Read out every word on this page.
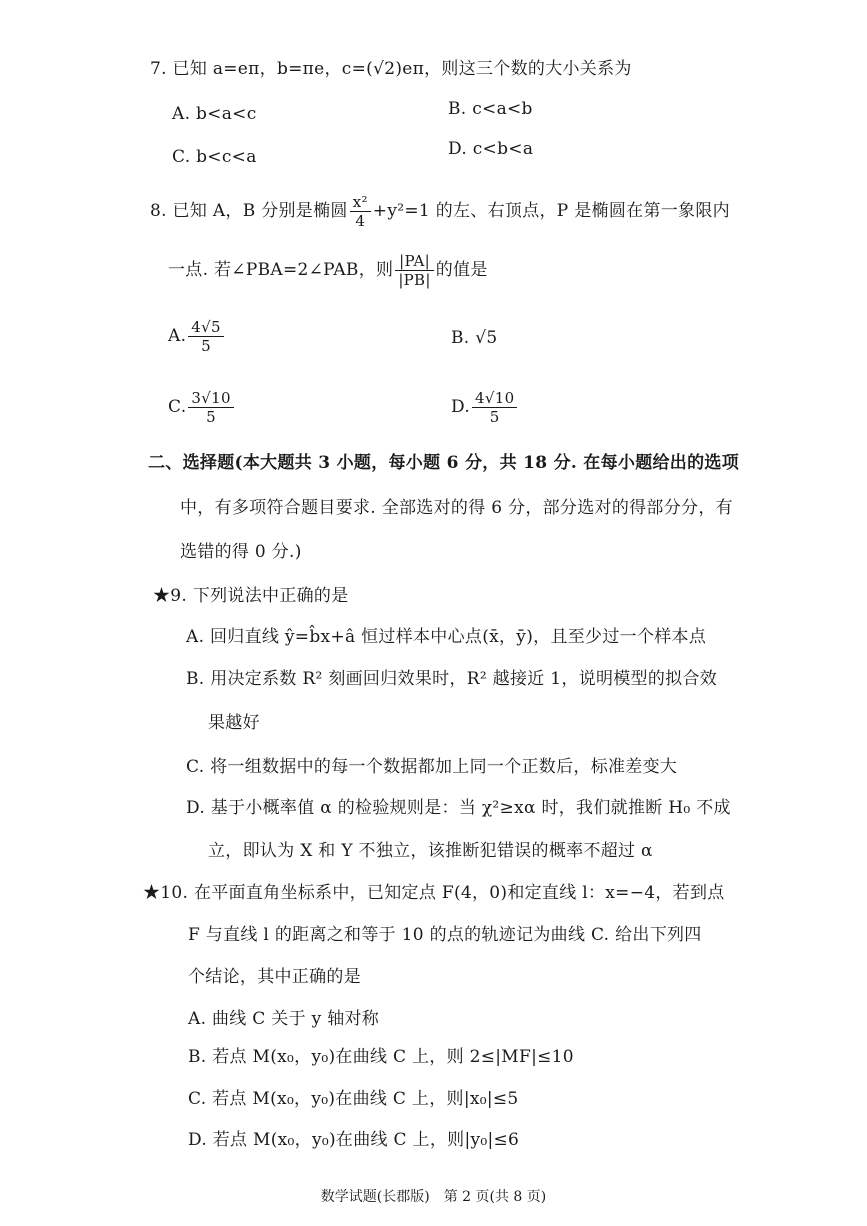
7. 已知 a=eπ，b=πe，c=(√2)eπ，则这三个数的大小关系为
A. b<a<c	B. c<a<b
C. b<c<a	D. c<b<a
8. 已知 A，B 分别是椭圆 $\frac{\text{x²}}{4} +y^2=1$ 的左、右顶点，P 是椭圆在第一象限内
一点. 若∠PBA=2∠PAB，则 $\frac{|PA|}{|PB|}$ 的值是
A. $\frac{4√5}{5}$	B. √5
C. $\frac{3√10}{5}$	D. $\frac{4√10}{5}$
二、选择题(本大题共 3 小题，每小题 6 分，共 18 分. 在每小题给出的选项
中，有多项符合题目要求. 全部选对的得 6 分，部分选对的得部分分，有
选错的得 0 分.)
★9. 下列说法中正确的是
A. 回归直线 ŷ=b̂x+â 恒过样本中心点(x̄，ȳ)，且至少过一个样本点
B. 用决定系数 R² 刻画回归效果时，R² 越接近 1，说明模型的拟合效
果越好
C. 将一组数据中的每一个数据都加上同一个正数后，标准差变大
D. 基于小概率值 α 的检验规则是：当 χ²≥xα 时，我们就推断 H₀ 不成
立，即认为 X 和 Y 不独立，该推断犯错误的概率不超过 α
★10. 在平面直角坐标系中，已知定点 F(4，0)和定直线 l：x=−4，若到点
F 与直线 l 的距离之和等于 10 的点的轨迹记为曲线 C. 给出下列四
个结论，其中正确的是
A. 曲线 C 关于 y 轴对称
B. 若点 M(x₀，y₀)在曲线 C 上，则 2≤|MF|≤10
C. 若点 M(x₀，y₀)在曲线 C 上，则|x₀|≤5
D. 若点 M(x₀，y₀)在曲线 C 上，则|y₀|≤6
数学试题(长郡版)　第 2 页(共 8 页)
